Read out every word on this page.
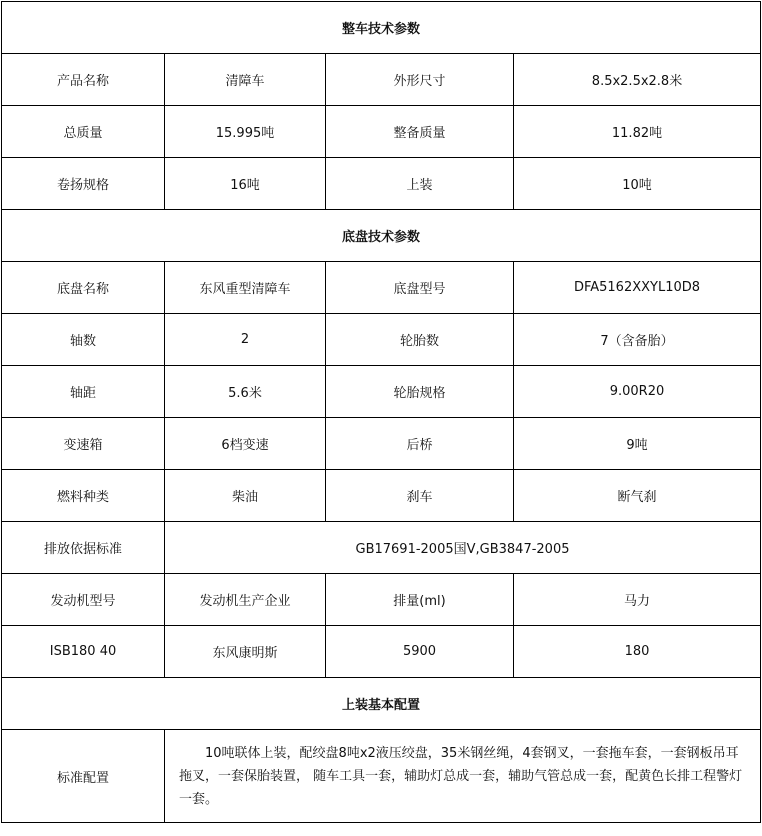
整车技术参数			
产品名称	清障车	外形尺寸	8.5x2.5x2.8米
总质量	15.995吨	整备质量	11.82吨
卷扬规格	16吨	上装	10吨
底盘技术参数			
底盘名称	东风重型清障车	底盘型号	DFA5162XXYL10D8
轴数	2	轮胎数	7（含备胎）
轴距	5.6米	轮胎规格	9.00R20
变速箱	6档变速	后桥	9吨
燃料种类	柴油	刹车	断气刹
排放依据标准	GB17691-2005国Ⅴ,GB3847-2005		
发动机型号	发动机生产企业	排量(ml)	马力
ISB180 40	东风康明斯	5900	180
上装基本配置			
标准配置	10吨联体上装，配绞盘8吨x2液压绞盘，35米钢丝绳，4套钢叉，一套拖车套，一套钢板吊耳拖叉，一套保胎装置， 随车工具一套，辅助灯总成一套，辅助气管总成一套，配黄色长排工程警灯一套。		
